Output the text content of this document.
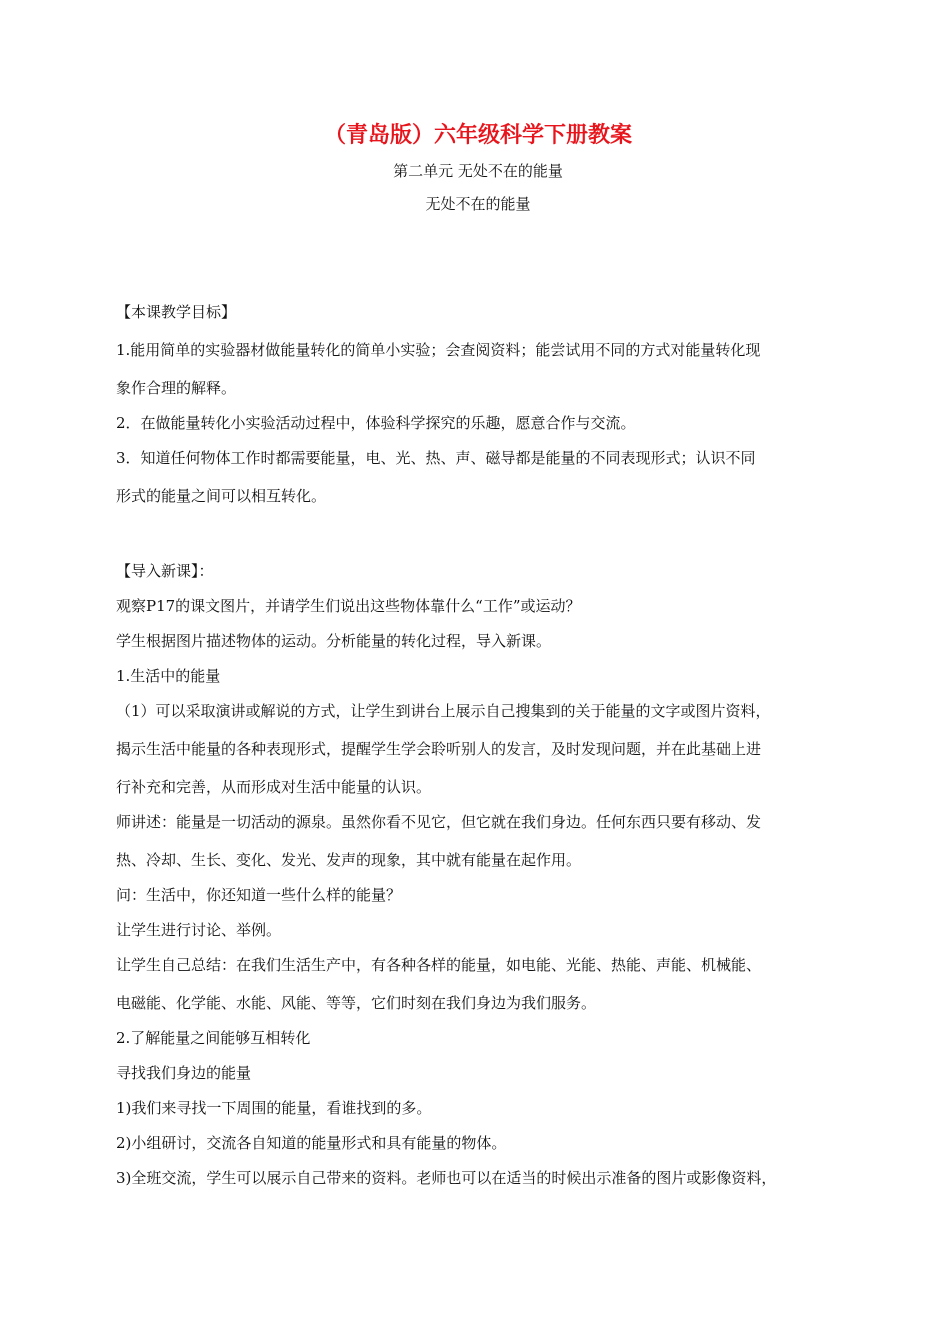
（青岛版）六年级科学下册教案

第二单元 无处不在的能量

无处不在的能量

【本课教学目标】

1.能用简单的实验器材做能量转化的简单小实验；会查阅资料；能尝试用不同的方式对能量转化现

象作合理的解释。

2．在做能量转化小实验活动过程中，体验科学探究的乐趣，愿意合作与交流。

3．知道任何物体工作时都需要能量，电、光、热、声、磁导都是能量的不同表现形式；认识不同

形式的能量之间可以相互转化。

【导入新课】：

观察P17的课文图片，并请学生们说出这些物体靠什么“工作”或运动？

学生根据图片描述物体的运动。分析能量的转化过程，导入新课。

1.生活中的能量

（1）可以采取演讲或解说的方式，让学生到讲台上展示自己搜集到的关于能量的文字或图片资料，

揭示生活中能量的各种表现形式，提醒学生学会聆听别人的发言，及时发现问题，并在此基础上进

行补充和完善，从而形成对生活中能量的认识。

师讲述：能量是一切活动的源泉。虽然你看不见它，但它就在我们身边。任何东西只要有移动、发

热、冷却、生长、变化、发光、发声的现象，其中就有能量在起作用。

问：生活中，你还知道一些什么样的能量？

让学生进行讨论、举例。

让学生自己总结：在我们生活生产中，有各种各样的能量，如电能、光能、热能、声能、机械能、

电磁能、化学能、水能、风能、等等，它们时刻在我们身边为我们服务。

2.了解能量之间能够互相转化

寻找我们身边的能量

1)我们来寻找一下周围的能量，看谁找到的多。

2)小组研讨，交流各自知道的能量形式和具有能量的物体。

3)全班交流，学生可以展示自己带来的资料。老师也可以在适当的时候出示准备的图片或影像资料，
